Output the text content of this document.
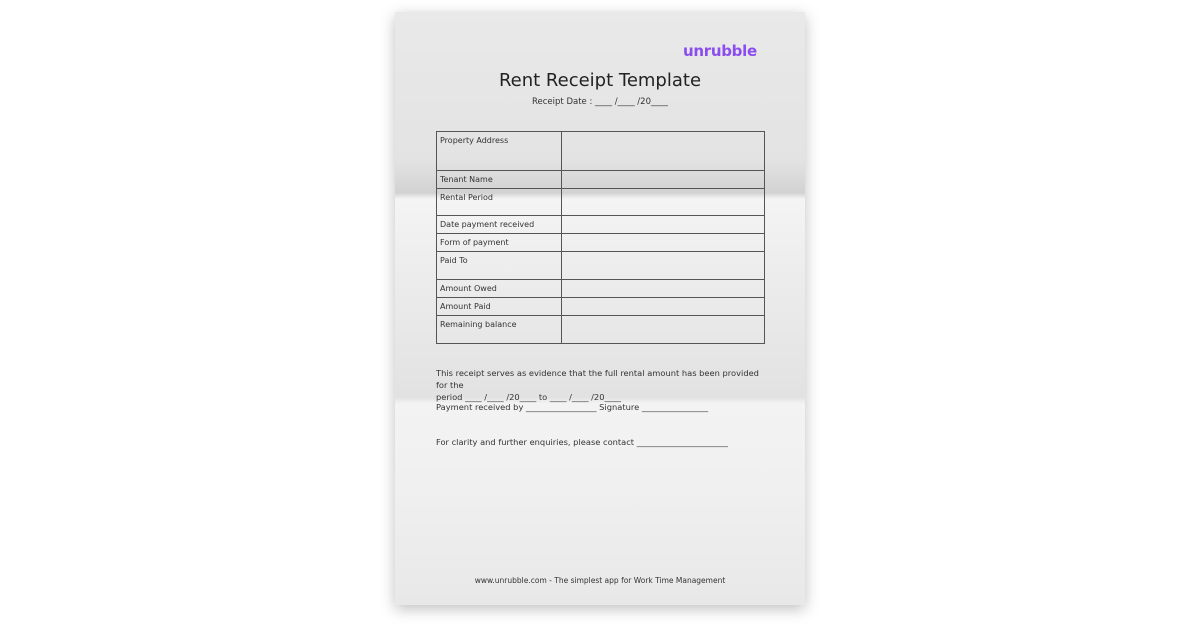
unrubble
Rent Receipt Template
Receipt Date : ____ /____ /20____
Property Address	
Tenant Name	
Rental Period	
Date payment received	
Form of payment	
Paid To	
Amount Owed	
Amount Paid	
Remaining balance	
This receipt serves as evidence that the full rental amount has been provided for the
period ____ /____ /20____ to ____ /____ /20____
Payment received by _________________ Signature ________________
For clarity and further enquiries, please contact ______________________
www.unrubble.com - The simplest app for Work Time Management
